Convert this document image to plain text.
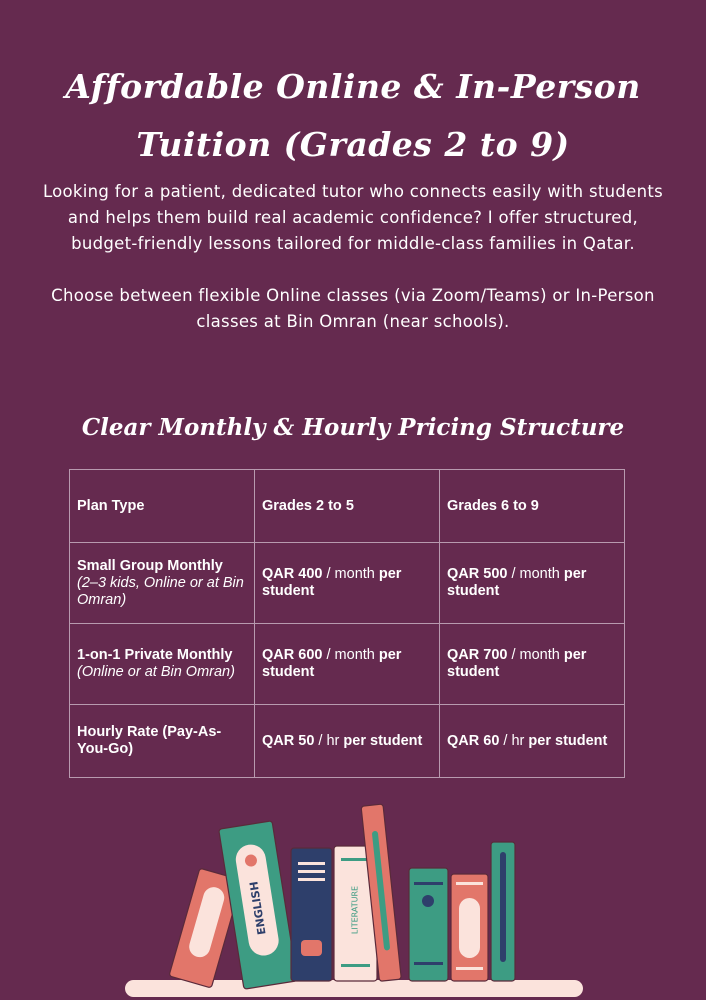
Affordable Online & In-Person
Tuition (Grades 2 to 9)

Looking for a patient, dedicated tutor who connects easily with students and helps them build real academic confidence? I offer structured, budget-friendly lessons tailored for middle-class families in Qatar.

Choose between flexible Online classes (via Zoom/Teams) or In-Person classes at Bin Omran (near schools).

Clear Monthly & Hourly Pricing Structure
Plan Type	Grades 2 to 5	Grades 6 to 9
Small Group Monthly
(2–3 kids, Online or at Bin Omran)	QAR 400 / month per student	QAR 500 / month per student
1-on-1 Private Monthly
(Online or at Bin Omran)	QAR 600 / month per student	QAR 700 / month per student
Hourly Rate (Pay-As-You-Go)	QAR 50 / hr per student	QAR 60 / hr per student
ENGLISH	LITERATURE
